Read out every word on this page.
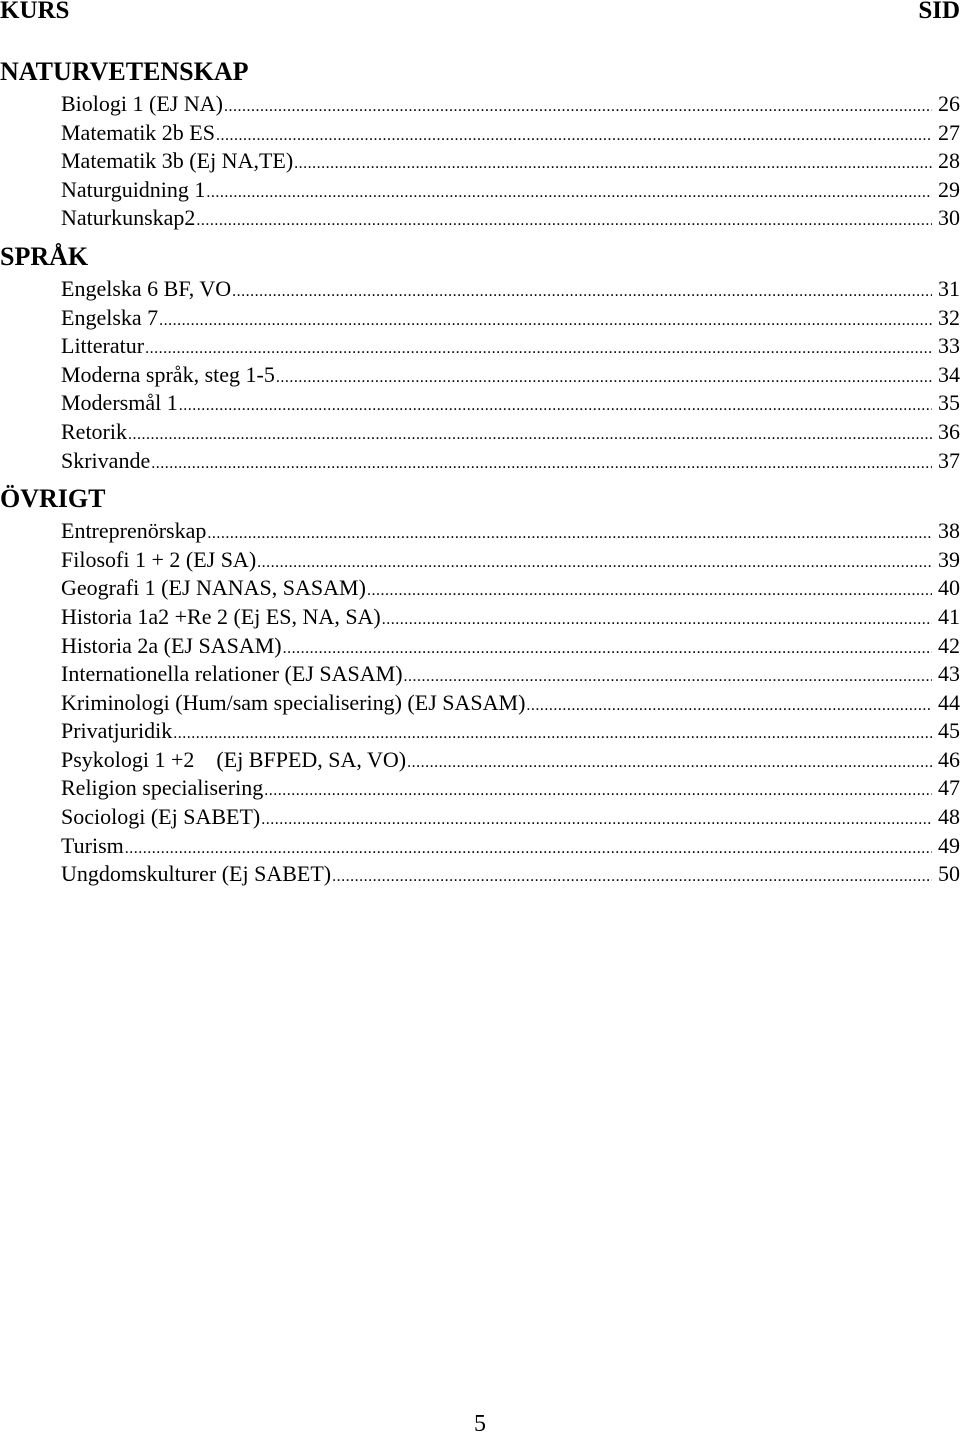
KURS	SID
NATURVETENSKAP
Biologi 1 (EJ NA) .....	26
Matematik 2b ES .....	27
Matematik 3b (Ej NA,TE) .....	28
Naturguidning 1 .....	29
Naturkunskap2 .....	30
SPRÅK
Engelska 6 BF, VO .....	31
Engelska 7 .....	32
Litteratur .....	33
Moderna språk, steg 1-5 .....	34
Modersmål 1 .....	35
Retorik .....	36
Skrivande .....	37
ÖVRIGT
Entreprenörskap .....	38
Filosofi 1 + 2 (EJ SA) .....	39
Geografi 1 (EJ NANAS, SASAM) .....	40
Historia 1a2 +Re 2 (Ej ES, NA, SA) .....	41
Historia 2a (EJ SASAM) .....	42
Internationella relationer (EJ SASAM) .....	43
Kriminologi (Hum/sam specialisering) (EJ SASAM) .....	44
Privatjuridik .....	45
Psykologi 1 +2    (Ej BFPED, SA, VO) .....	46
Religion specialisering .....	47
Sociologi (Ej SABET) .....	48
Turism .....	49
Ungdomskulturer (Ej SABET) .....	50
5
